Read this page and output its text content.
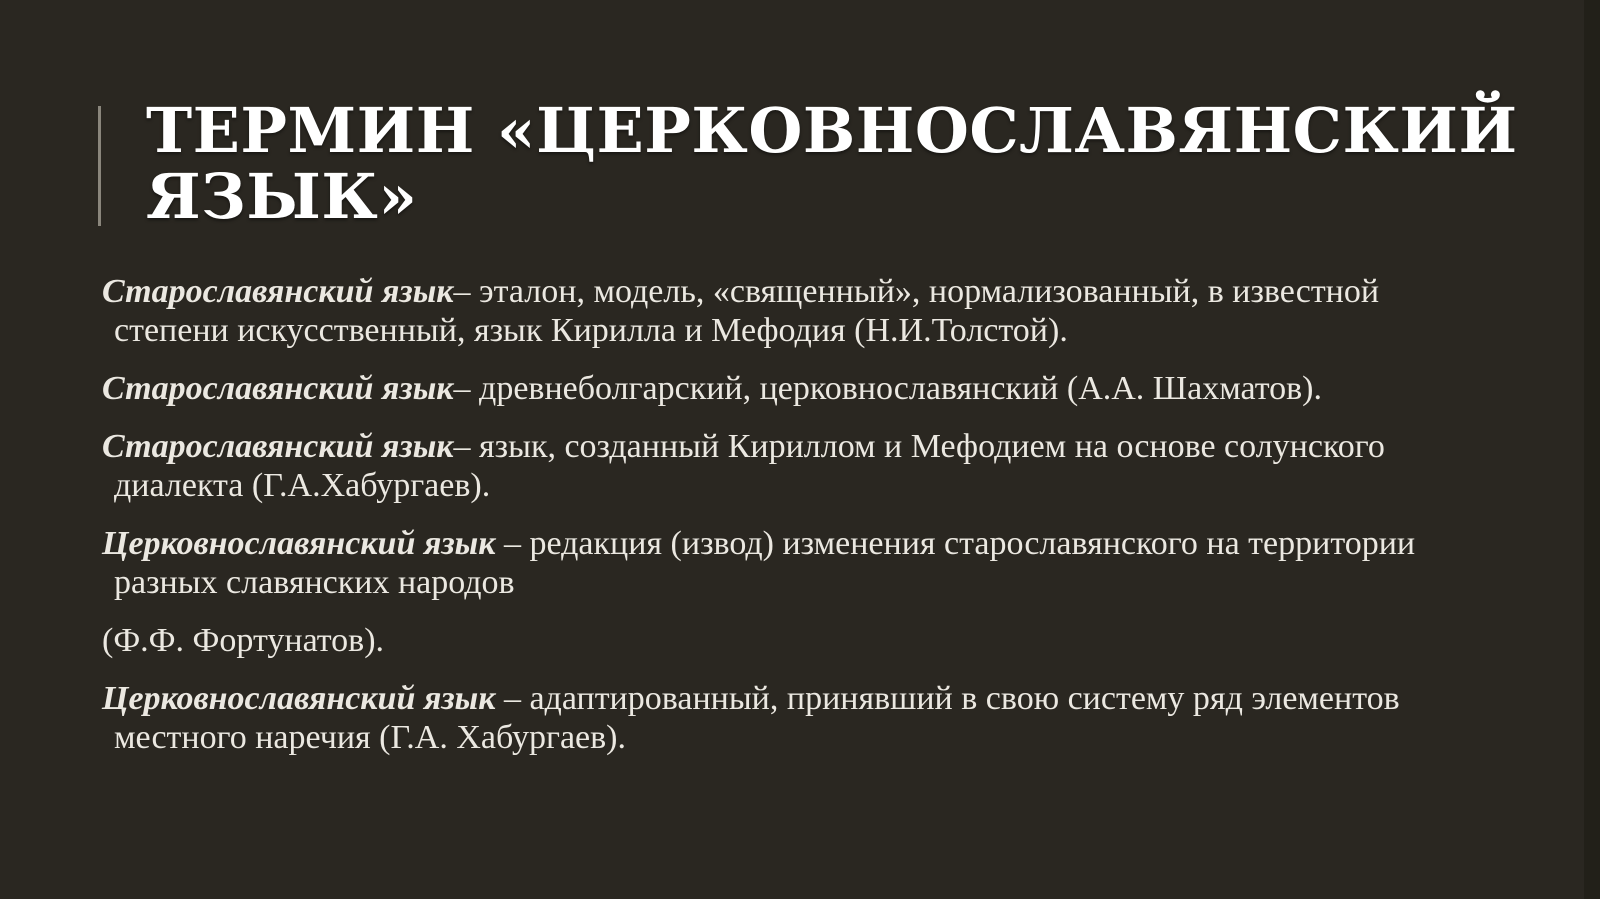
ТЕРМИН «ЦЕРКОВНОСЛАВЯНСКИЙ ЯЗЫК»

Старославянский язык– эталон, модель, «священный», нормализованный, в известной степени искусственный, язык Кирилла и Мефодия (Н.И.Толстой).

Старославянский язык– древнеболгарский, церковнославянский (А.А. Шахматов).

Старославянский язык– язык, созданный Кириллом и Мефодием на основе солунского диалекта (Г.А.Хабургаев).

Церковнославянский язык – редакция (извод) изменения старославянского на территории разных славянских народов

(Ф.Ф. Фортунатов).

Церковнославянский язык – адаптированный, принявший в свою систему ряд элементов местного наречия (Г.А. Хабургаев).
